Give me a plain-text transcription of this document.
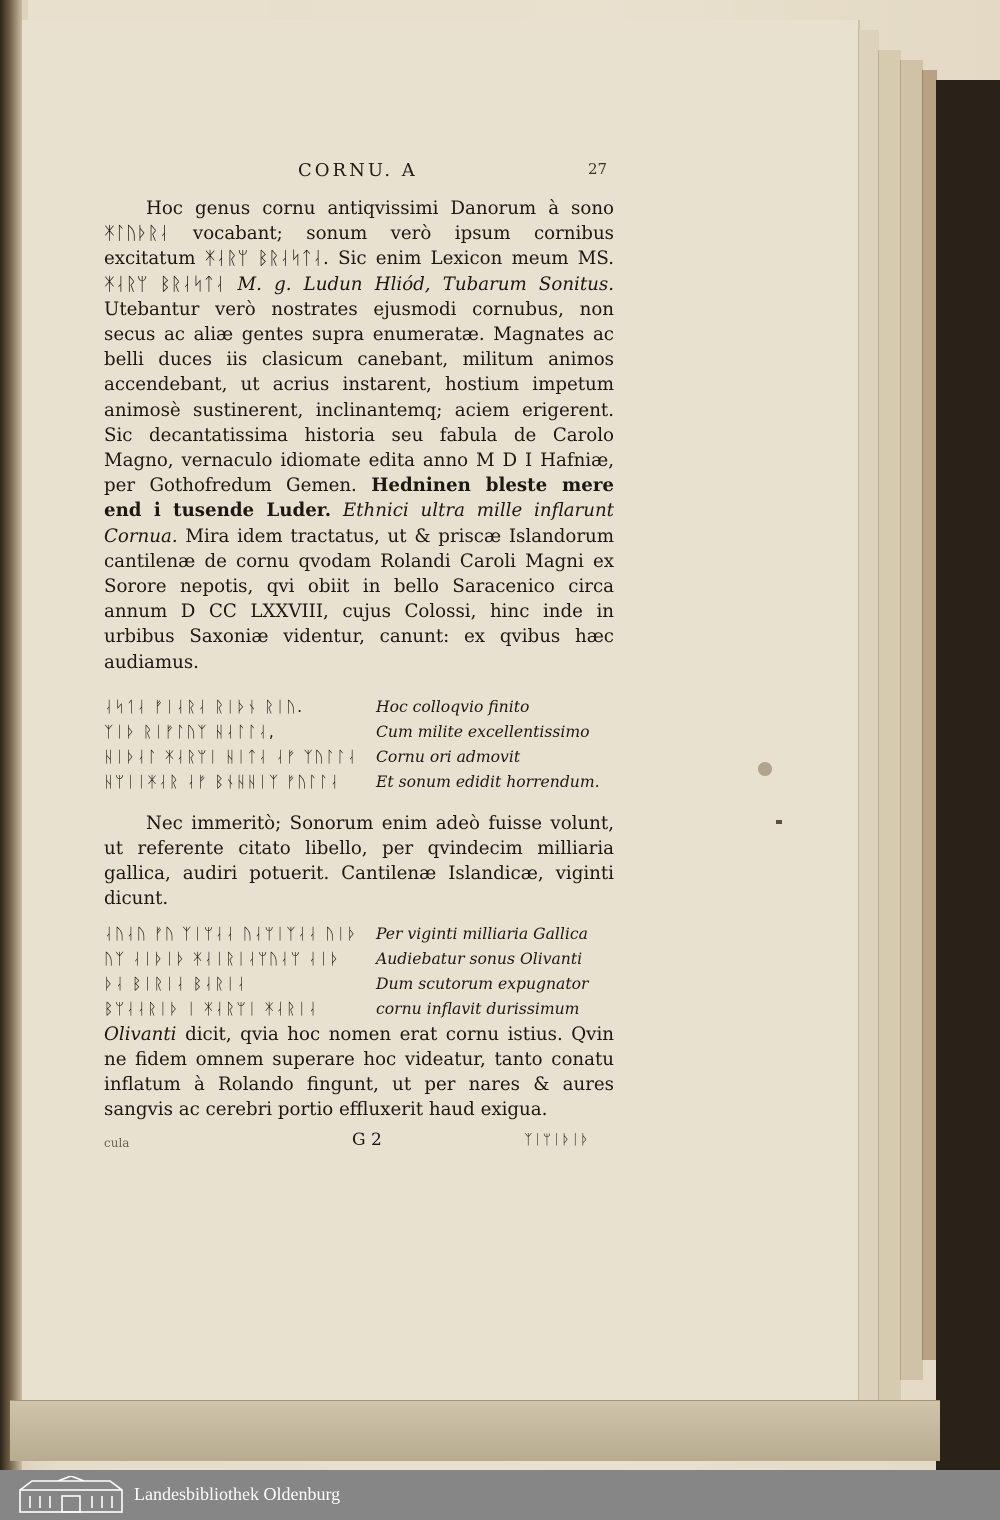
CORNU. A	27

Hoc genus cornu antiqvissimi Danorum à sono ᛡᛚᚢᚦᚱᛆ vocabant; sonum verò ipsum cornibus excitatum ᛡᛆᚱᛘ ᛒᚱᛆᛋᛏᛆ. Sic enim Lexicon meum MS. ᛡᛆᚱᛘ ᛒᚱᛆᛋᛏᛆ M. g. Ludun Hliód, Tubarum Sonitus. Utebantur verò nostrates ejusmodi cornubus, non secus ac aliæ gentes supra enumeratæ. Magnates ac belli duces iis clasicum canebant, militum animos accendebant, ut acrius instarent, hostium impetum animosè sustinerent, inclinantemq; aciem erigerent. Sic decantatissima historia seu fabula de Carolo Magno, vernaculo idiomate edita anno M D I Hafniæ, per Gothofredum Gemen. Hedninen bleste mere end i tusende Luder. Ethnici ultra mille inflarunt Cornua. Mira idem tractatus, ut & priscæ Islandorum cantilenæ de cornu qvodam Rolandi Caroli Magni ex Sorore nepotis, qvi obiit in bello Saracenico circa annum D CC LXXVIII, cujus Colossi, hinc inde in urbibus Saxoniæ videntur, canunt: ex qvibus hæc audiamus.

ᛆᛋᛐᛆ ᚠᛁᛆᚱᛆ ᚱᛁᚦᚾ ᚱᛁᚢ.	Hoc colloqvio finito
ᛉᛁᚦ ᚱᛁᚠᛚᚢᛉ ᚺᛆᛚᛚᛆ,	Cum milite excellentissimo
ᚺᛁᚦᛆᛚ ᛡᛆᚱᛘᛁ ᚺᛁᛏᛆ ᛆᚠ ᛉᚢᛚᛚᛆ	Cornu ori admovit
ᚺᛘᛁᛁᛡᛆᚱ ᛆᚠ ᛒᚾᚺᚺᛁᛉ ᚠᚢᛚᛚᛆ	Et sonum edidit horrendum.

Nec immeritò; Sonorum enim adeò fuisse volunt, ut referente citato libello, per qvindecim milliaria gallica, audiri potuerit. Cantilenæ Islandicæ, viginti dicunt.

ᛆᚢᛆᚢ ᚠᚢ ᛉᛁᛘᛆᛆ ᚢᛆᛘᛁᛉᛆᛆ ᚢᛁᚦ	Per viginti milliaria Gallica
ᚢᛉ ᛆᛁᚦᛁᚦ ᛡᛆᛁᚱᛁᛆᛘᚢᛆᛘ ᛆᛁᚦ	Audiebatur sonus Olivanti
ᚦᛆ ᛒᛁᚱᛁᛆ ᛒᛆᚱᛁᛆ	Dum scutorum expugnator
ᛒᛘᛆᛆᚱᛁᚦ ᛁ ᛡᛆᚱᛘᛁ ᛡᛆᚱᛁᛆ	cornu inflavit durissimum

Olivanti dicit, qvia hoc nomen erat cornu istius. Qvin ne fidem omnem superare hoc videatur, tanto conatu inflatum à Rolando fingunt, ut per nares & aures sangvis ac cerebri portio effluxerit haud exigua.

cula	G 2	ᛉᛁᛘᛁᚦᛁᚦ
Landesbibliothek Oldenburg
